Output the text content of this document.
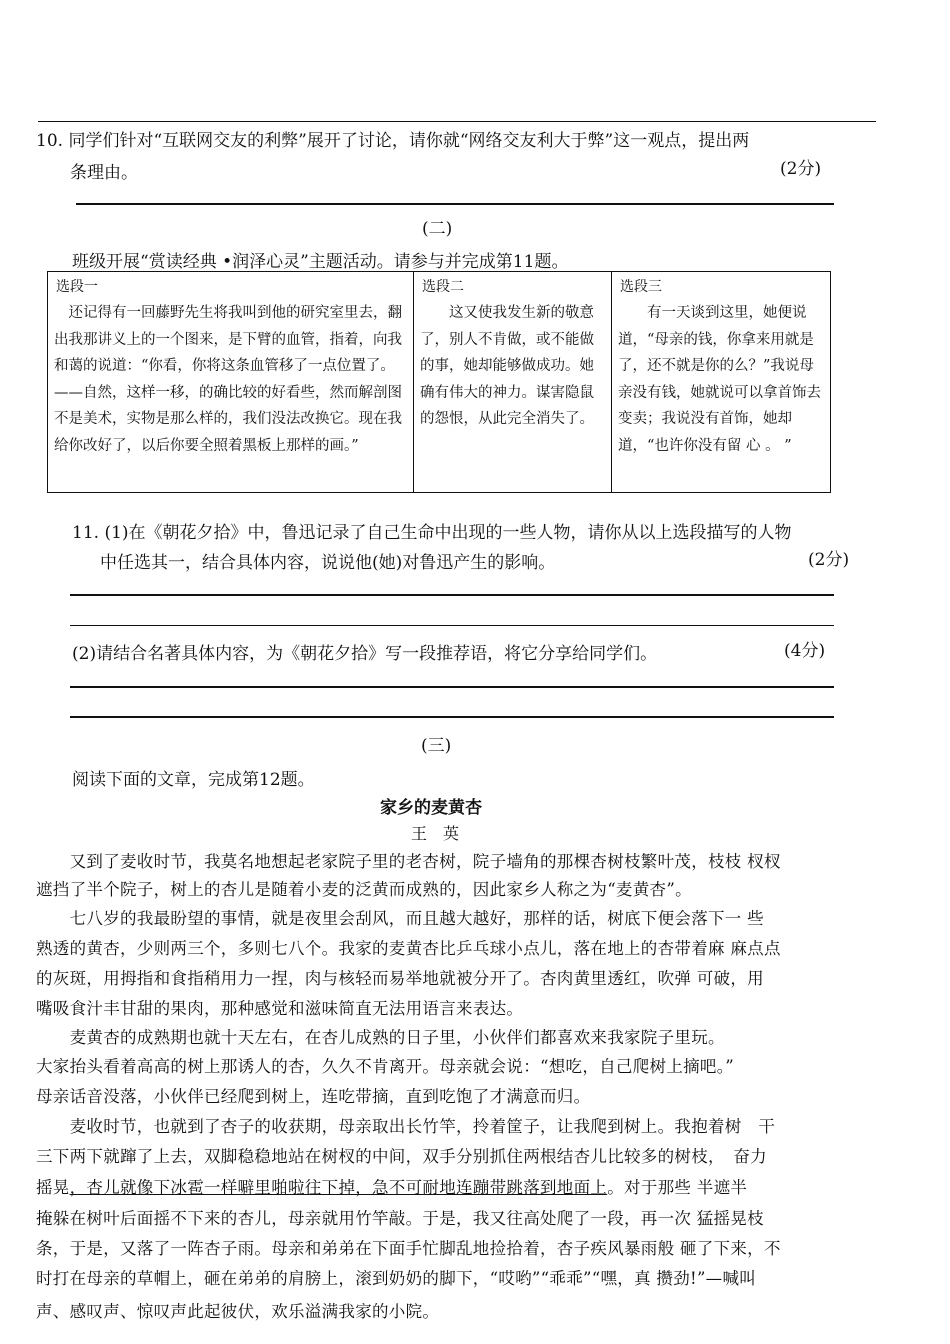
10. 同学们针对“互联网交友的利弊”展开了讨论，请你就“网络交友利大于弊”这一观点，提出两
条理由。	(2分)
(二)
班级开展“赏读经典 •润泽心灵”主题活动。请参与并完成第11题。
选段一
　还记得有一回藤野先生将我叫到他的研究室里去，翻出我那讲义上的一个图来，是下臂的血管，指着，向我和蔼的说道：“你看，你将这条血管移了一点位置了。——自然，这样一移，的确比较的好看些，然而解剖图不是美术，实物是那么样的，我们没法改换它。现在我给你改好了，以后你要全照着黑板上那样的画。”
选段二
　　这又使我发生新的敬意了，别人不肯做，或不能做的事，她却能够做成功。她确有伟大的神力。谋害隐鼠的怨恨，从此完全消失了。
选段三
　　有一天谈到这里，她便说道，“母亲的钱，你拿来用就是了，还不就是你的么？”我说母亲没有钱，她就说可以拿首饰去变卖；我说没有首饰，她却道，“也许你没有留 心 。 ”
11. (1)在《朝花夕拾》中，鲁迅记录了自己生命中出现的一些人物，请你从以上选段描写的人物
中任选其一，结合具体内容，说说他(她)对鲁迅产生的影响。	(2分)
(2)请结合名著具体内容，为《朝花夕拾》写一段推荐语，将它分享给同学们。	(4分)
(三)
阅读下面的文章，完成第12题。
家乡的麦黄杏
王　英
　　又到了麦收时节，我莫名地想起老家院子里的老杏树，院子墙角的那棵杏树枝繁叶茂，枝枝 杈杈
遮挡了半个院子，树上的杏儿是随着小麦的泛黄而成熟的，因此家乡人称之为“麦黄杏”。
　　七八岁的我最盼望的事情，就是夜里会刮风，而且越大越好，那样的话，树底下便会落下一 些
熟透的黄杏，少则两三个，多则七八个。我家的麦黄杏比乒乓球小点儿，落在地上的杏带着麻 麻点点
的灰斑，用拇指和食指稍用力一捏，肉与核轻而易举地就被分开了。杏肉黄里透红，吹弹 可破，用
嘴吸食汁丰甘甜的果肉，那种感觉和滋味简直无法用语言来表达。
　　麦黄杏的成熟期也就十天左右，在杏儿成熟的日子里，小伙伴们都喜欢来我家院子里玩。
大家抬头看着高高的树上那诱人的杏，久久不肯离开。母亲就会说：“想吃，自己爬树上摘吧。”
母亲话音没落，小伙伴已经爬到树上，连吃带摘，直到吃饱了才满意而归。
　　麦收时节，也就到了杏子的收获期，母亲取出长竹竿，拎着筐子，让我爬到树上。我抱着树　干
三下两下就蹿了上去，双脚稳稳地站在树杈的中间，双手分别抓住两根结杏儿比较多的树枝，　奋力
摇晃，杏儿就像下冰雹一样噼里啪啦往下掉，急不可耐地连蹦带跳落到地面上。对于那些 半遮半
掩躲在树叶后面摇不下来的杏儿，母亲就用竹竿敲。于是，我又往高处爬了一段，再一次 猛摇晃枝
条，于是，又落了一阵杏子雨。母亲和弟弟在下面手忙脚乱地捡拾着，杏子疾风暴雨般 砸了下来，不
时打在母亲的草帽上，砸在弟弟的肩膀上，滚到奶奶的脚下，“哎哟”“乖乖”“嘿，真 攒劲!”—喊叫
声、感叹声、惊叹声此起彼伏，欢乐溢满我家的小院。
